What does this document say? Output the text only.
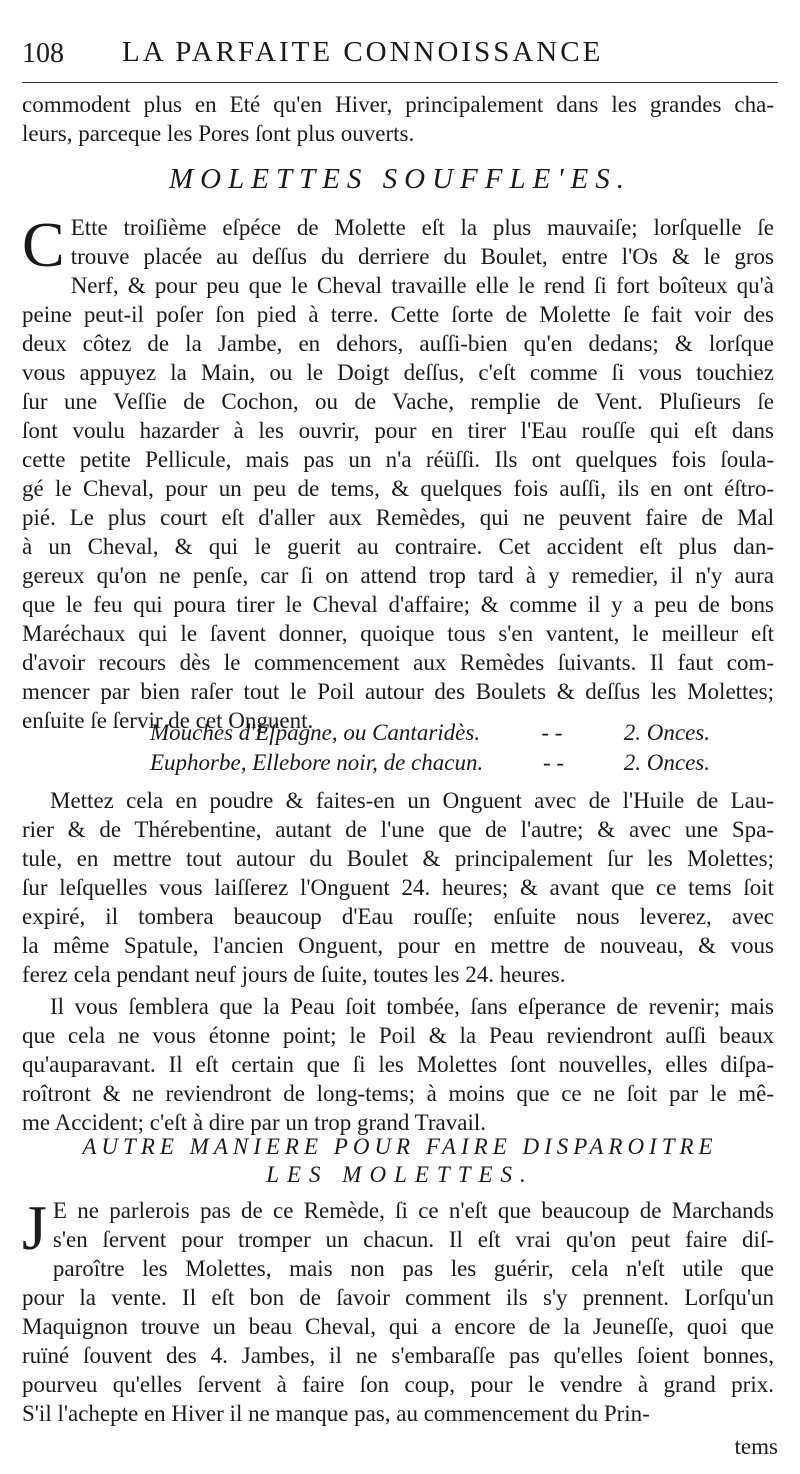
108 LA PARFAITE CONNOISSANCE
commodent plus en Eté qu'en Hiver, principalement dans les grandes cha-
leurs, parceque les Pores ſont plus ouverts.
MOLETTES SOUFFLE'ES.
C Ette troiſième eſpéce de Molette eſt la plus mauvaiſe; lorſquelle ſe
trouve placée au deſſus du derriere du Boulet, entre l'Os & le gros
Nerf, & pour peu que le Cheval travaille elle le rend ſi fort boîteux qu'à
peine peut-il poſer ſon pied à terre. Cette ſorte de Molette ſe fait voir des
deux côtez de la Jambe, en dehors, auſſi-bien qu'en dedans; & lorſque
vous appuyez la Main, ou le Doigt deſſus, c'eſt comme ſi vous touchiez
ſur une Veſſie de Cochon, ou de Vache, remplie de Vent. Pluſieurs ſe
ſont voulu hazarder à les ouvrir, pour en tirer l'Eau rouſſe qui eſt dans
cette petite Pellicule, mais pas un n'a réüſſi. Ils ont quelques fois ſoula-
gé le Cheval, pour un peu de tems, & quelques fois auſſi, ils en ont éſtro-
pié. Le plus court eſt d'aller aux Remèdes, qui ne peuvent faire de Mal
à un Cheval, & qui le guerit au contraire. Cet accident eſt plus dan-
gereux qu'on ne penſe, car ſi on attend trop tard à y remedier, il n'y aura
que le feu qui poura tirer le Cheval d'affaire; & comme il y a peu de bons
Maréchaux qui le ſavent donner, quoique tous s'en vantent, le meilleur eſt
d'avoir recours dès le commencement aux Remèdes ſuivants. Il faut com-
mencer par bien raſer tout le Poil autour des Boulets & deſſus les Molettes;
enſuite ſe ſervir de cet Onguent.
Mouches d'Eſpagne, ou Cantaridès.	- -	2. Onces.
Euphorbe, Ellebore noir, de chacun.	- -	2. Onces.
Mettez cela en poudre & faites-en un Onguent avec de l'Huile de Lau-
rier & de Thérebentine, autant de l'une que de l'autre; & avec une Spa-
tule, en mettre tout autour du Boulet & principalement ſur les Molettes;
ſur leſquelles vous laiſſerez l'Onguent 24. heures; & avant que ce tems ſoit
expiré, il tombera beaucoup d'Eau rouſſe; enſuite nous leverez, avec
la même Spatule, l'ancien Onguent, pour en mettre de nouveau, & vous
ferez cela pendant neuf jours de ſuite, toutes les 24. heures.
Il vous ſemblera que la Peau ſoit tombée, ſans eſperance de revenir; mais
que cela ne vous étonne point; le Poil & la Peau reviendront auſſi beaux
qu'auparavant. Il eſt certain que ſi les Molettes ſont nouvelles, elles diſpa-
roîtront & ne reviendront de long-tems; à moins que ce ne ſoit par le mê-
me Accident; c'eſt à dire par un trop grand Travail.
AUTRE MANIERE POUR FAIRE DISPAROITRE
LES MOLETTES.
J E ne parlerois pas de ce Remède, ſi ce n'eſt que beaucoup de Marchands
s'en ſervent pour tromper un chacun. Il eſt vrai qu'on peut faire diſ-
paroître les Molettes, mais non pas les guérir, cela n'eſt utile que
pour la vente. Il eſt bon de ſavoir comment ils s'y prennent. Lorſqu'un
Maquignon trouve un beau Cheval, qui a encore de la Jeuneſſe, quoi que
ruïné ſouvent des 4. Jambes, il ne s'embaraſſe pas qu'elles ſoient bonnes,
pourveu qu'elles ſervent à faire ſon coup, pour le vendre à grand prix.
S'il l'achepte en Hiver il ne manque pas, au commencement du Prin-
tems
